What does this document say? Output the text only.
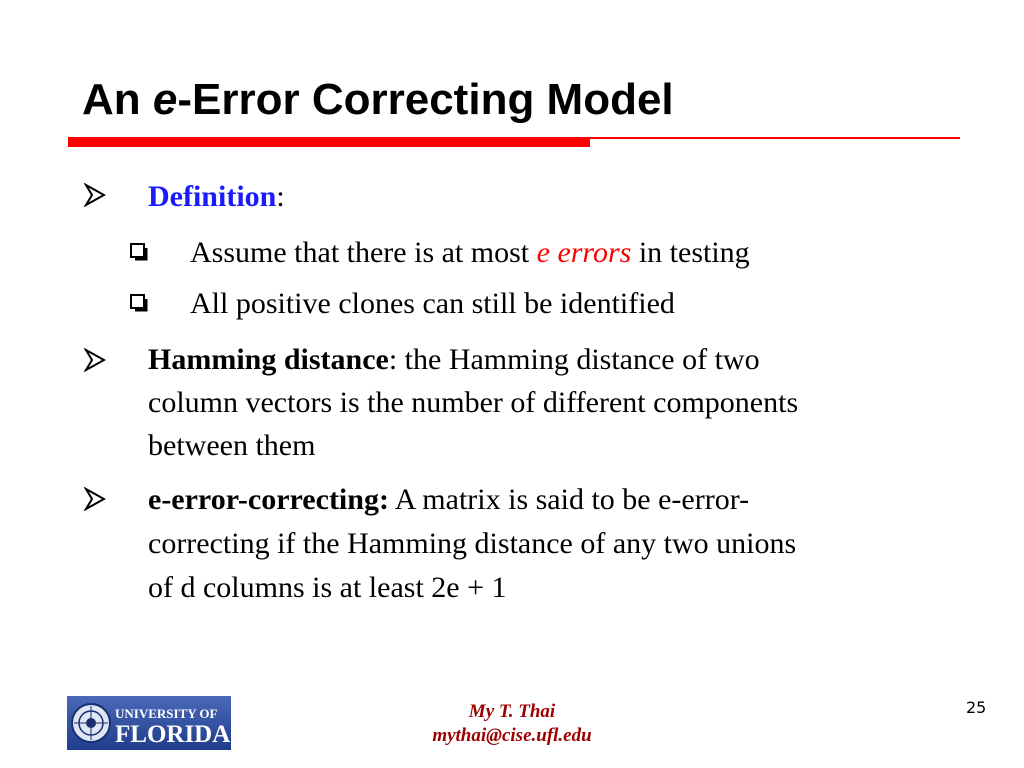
An e-Error Correcting Model
Definition:
Assume that there is at most e errors in testing
All positive clones can still be identified
Hamming distance: the Hamming distance of two
column vectors is the number of different components
between them
e-error-correcting: A matrix is said to be e-error-
correcting if the Hamming distance of any two unions
of d columns is at least 2e + 1
UNIVERSITY OF
FLORIDA
My T. Thai
mythai@cise.ufl.edu
25
